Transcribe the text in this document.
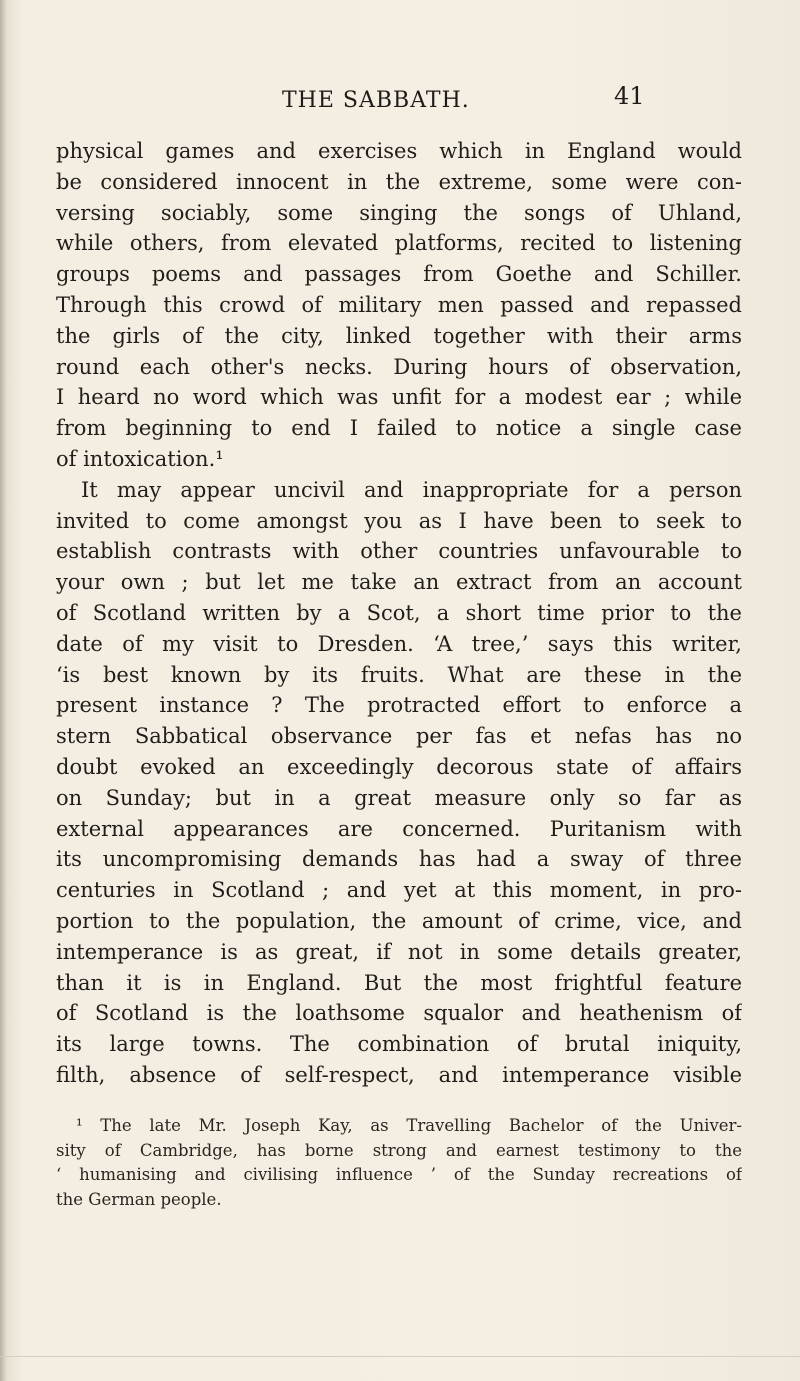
THE SABBATH.	41
physical games and exercises which in England would
be considered innocent in the extreme, some were con-
versing sociably, some singing the songs of Uhland,
while others, from elevated platforms, recited to listening
groups poems and passages from Goethe and Schiller.
Through this crowd of military men passed and repassed
the girls of the city, linked together with their arms
round each other's necks. During hours of observation,
I heard no word which was unfit for a modest ear ; while
from beginning to end I failed to notice a single case
of intoxication.¹
It may appear uncivil and inappropriate for a person
invited to come amongst you as I have been to seek to
establish contrasts with other countries unfavourable to
your own ; but let me take an extract from an account
of Scotland written by a Scot, a short time prior to the
date of my visit to Dresden. ‘A tree,’ says this writer,
‘is best known by its fruits. What are these in the
present instance ? The protracted effort to enforce a
stern Sabbatical observance per fas et nefas has no
doubt evoked an exceedingly decorous state of affairs
on Sunday; but in a great measure only so far as
external appearances are concerned. Puritanism with
its uncompromising demands has had a sway of three
centuries in Scotland ; and yet at this moment, in pro-
portion to the population, the amount of crime, vice, and
intemperance is as great, if not in some details greater,
than it is in England. But the most frightful feature
of Scotland is the loathsome squalor and heathenism of
its large towns. The combination of brutal iniquity,
filth, absence of self-respect, and intemperance visible
¹ The late Mr. Joseph Kay, as Travelling Bachelor of the Univer-
sity of Cambridge, has borne strong and earnest testimony to the
‘ humanising and civilising influence ’ of the Sunday recreations of
the German people.
